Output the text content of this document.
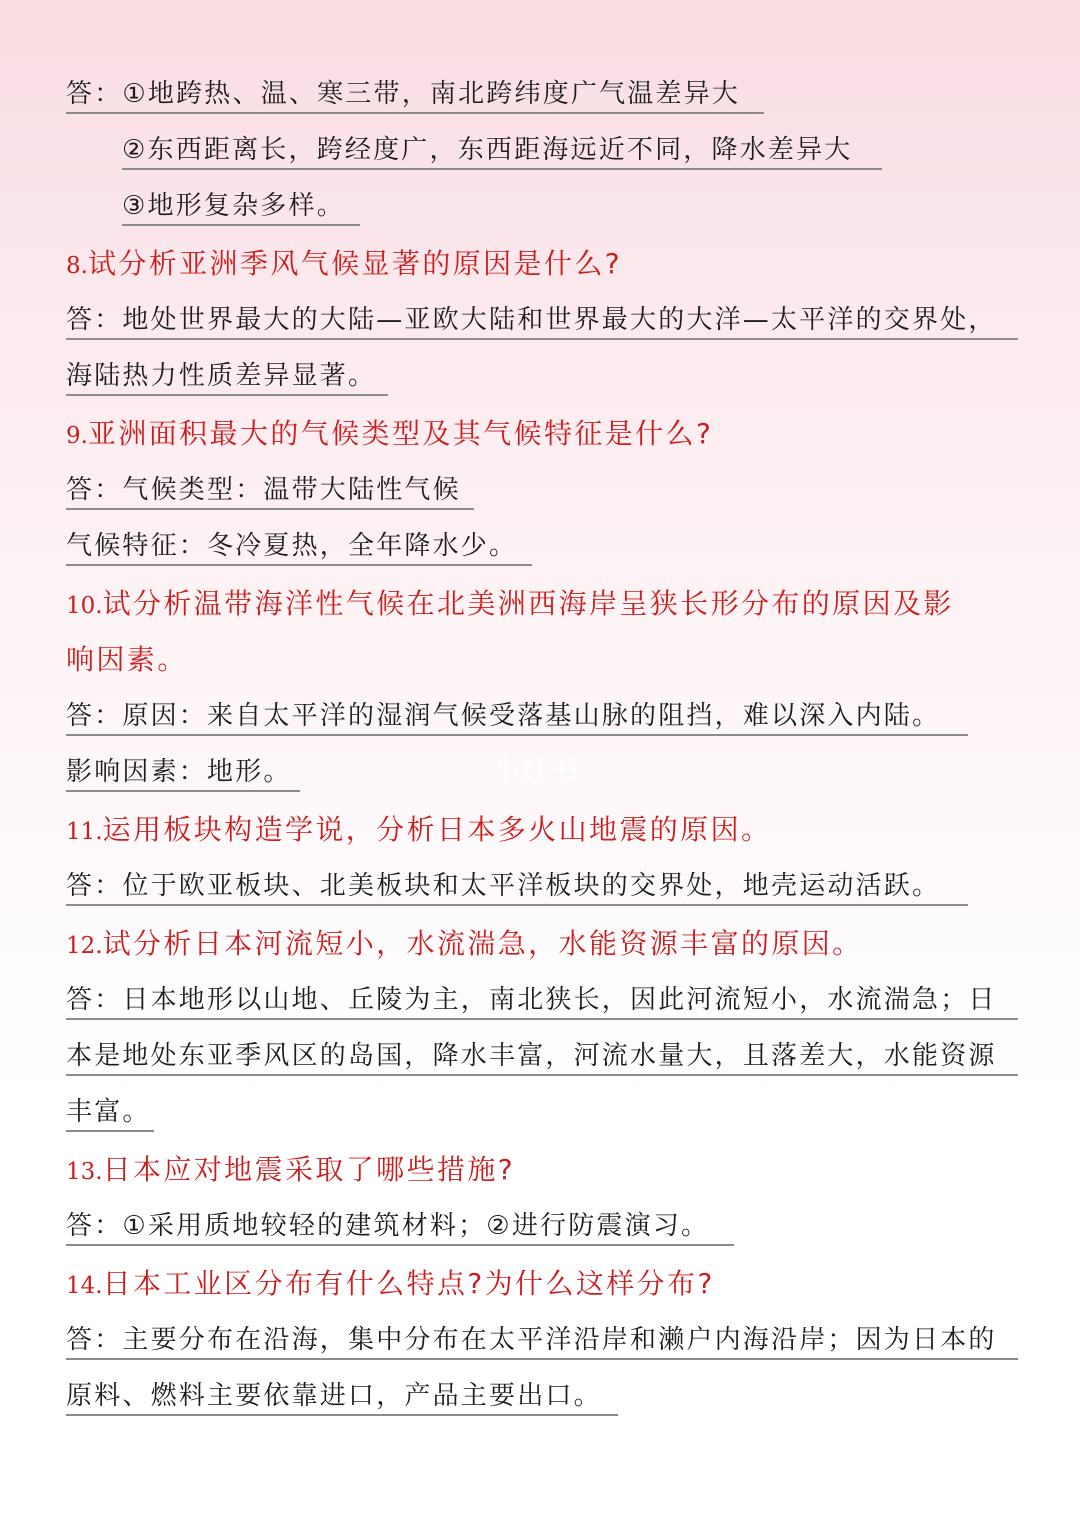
答：①地跨热、温、寒三带，南北跨纬度广气温差异大
②东西距离长，跨经度广，东西距海远近不同，降水差异大
③地形复杂多样。
8.试分析亚洲季风气候显著的原因是什么?
答：地处世界最大的大陆—亚欧大陆和世界最大的大洋—太平洋的交界处，
海陆热力性质差异显著。
9.亚洲面积最大的气候类型及其气候特征是什么?
答：气候类型：温带大陆性气候
气候特征：冬冷夏热，全年降水少。
10.试分析温带海洋性气候在北美洲西海岸呈狭长形分布的原因及影
响因素。
答：原因：来自太平洋的湿润气候受落基山脉的阻挡，难以深入内陆。
影响因素：地形。
11.运用板块构造学说，分析日本多火山地震的原因。
答：位于欧亚板块、北美板块和太平洋板块的交界处，地壳运动活跃。
12.试分析日本河流短小，水流湍急，水能资源丰富的原因。
答：日本地形以山地、丘陵为主，南北狭长，因此河流短小，水流湍急；日
本是地处东亚季风区的岛国，降水丰富，河流水量大，且落差大，水能资源
丰富。
13.日本应对地震采取了哪些措施?
答：①采用质地较轻的建筑材料；②进行防震演习。
14.日本工业区分布有什么特点?为什么这样分布?
答：主要分布在沿海，集中分布在太平洋沿岸和濑户内海沿岸；因为日本的
原料、燃料主要依靠进口，产品主要出口。
小红书
